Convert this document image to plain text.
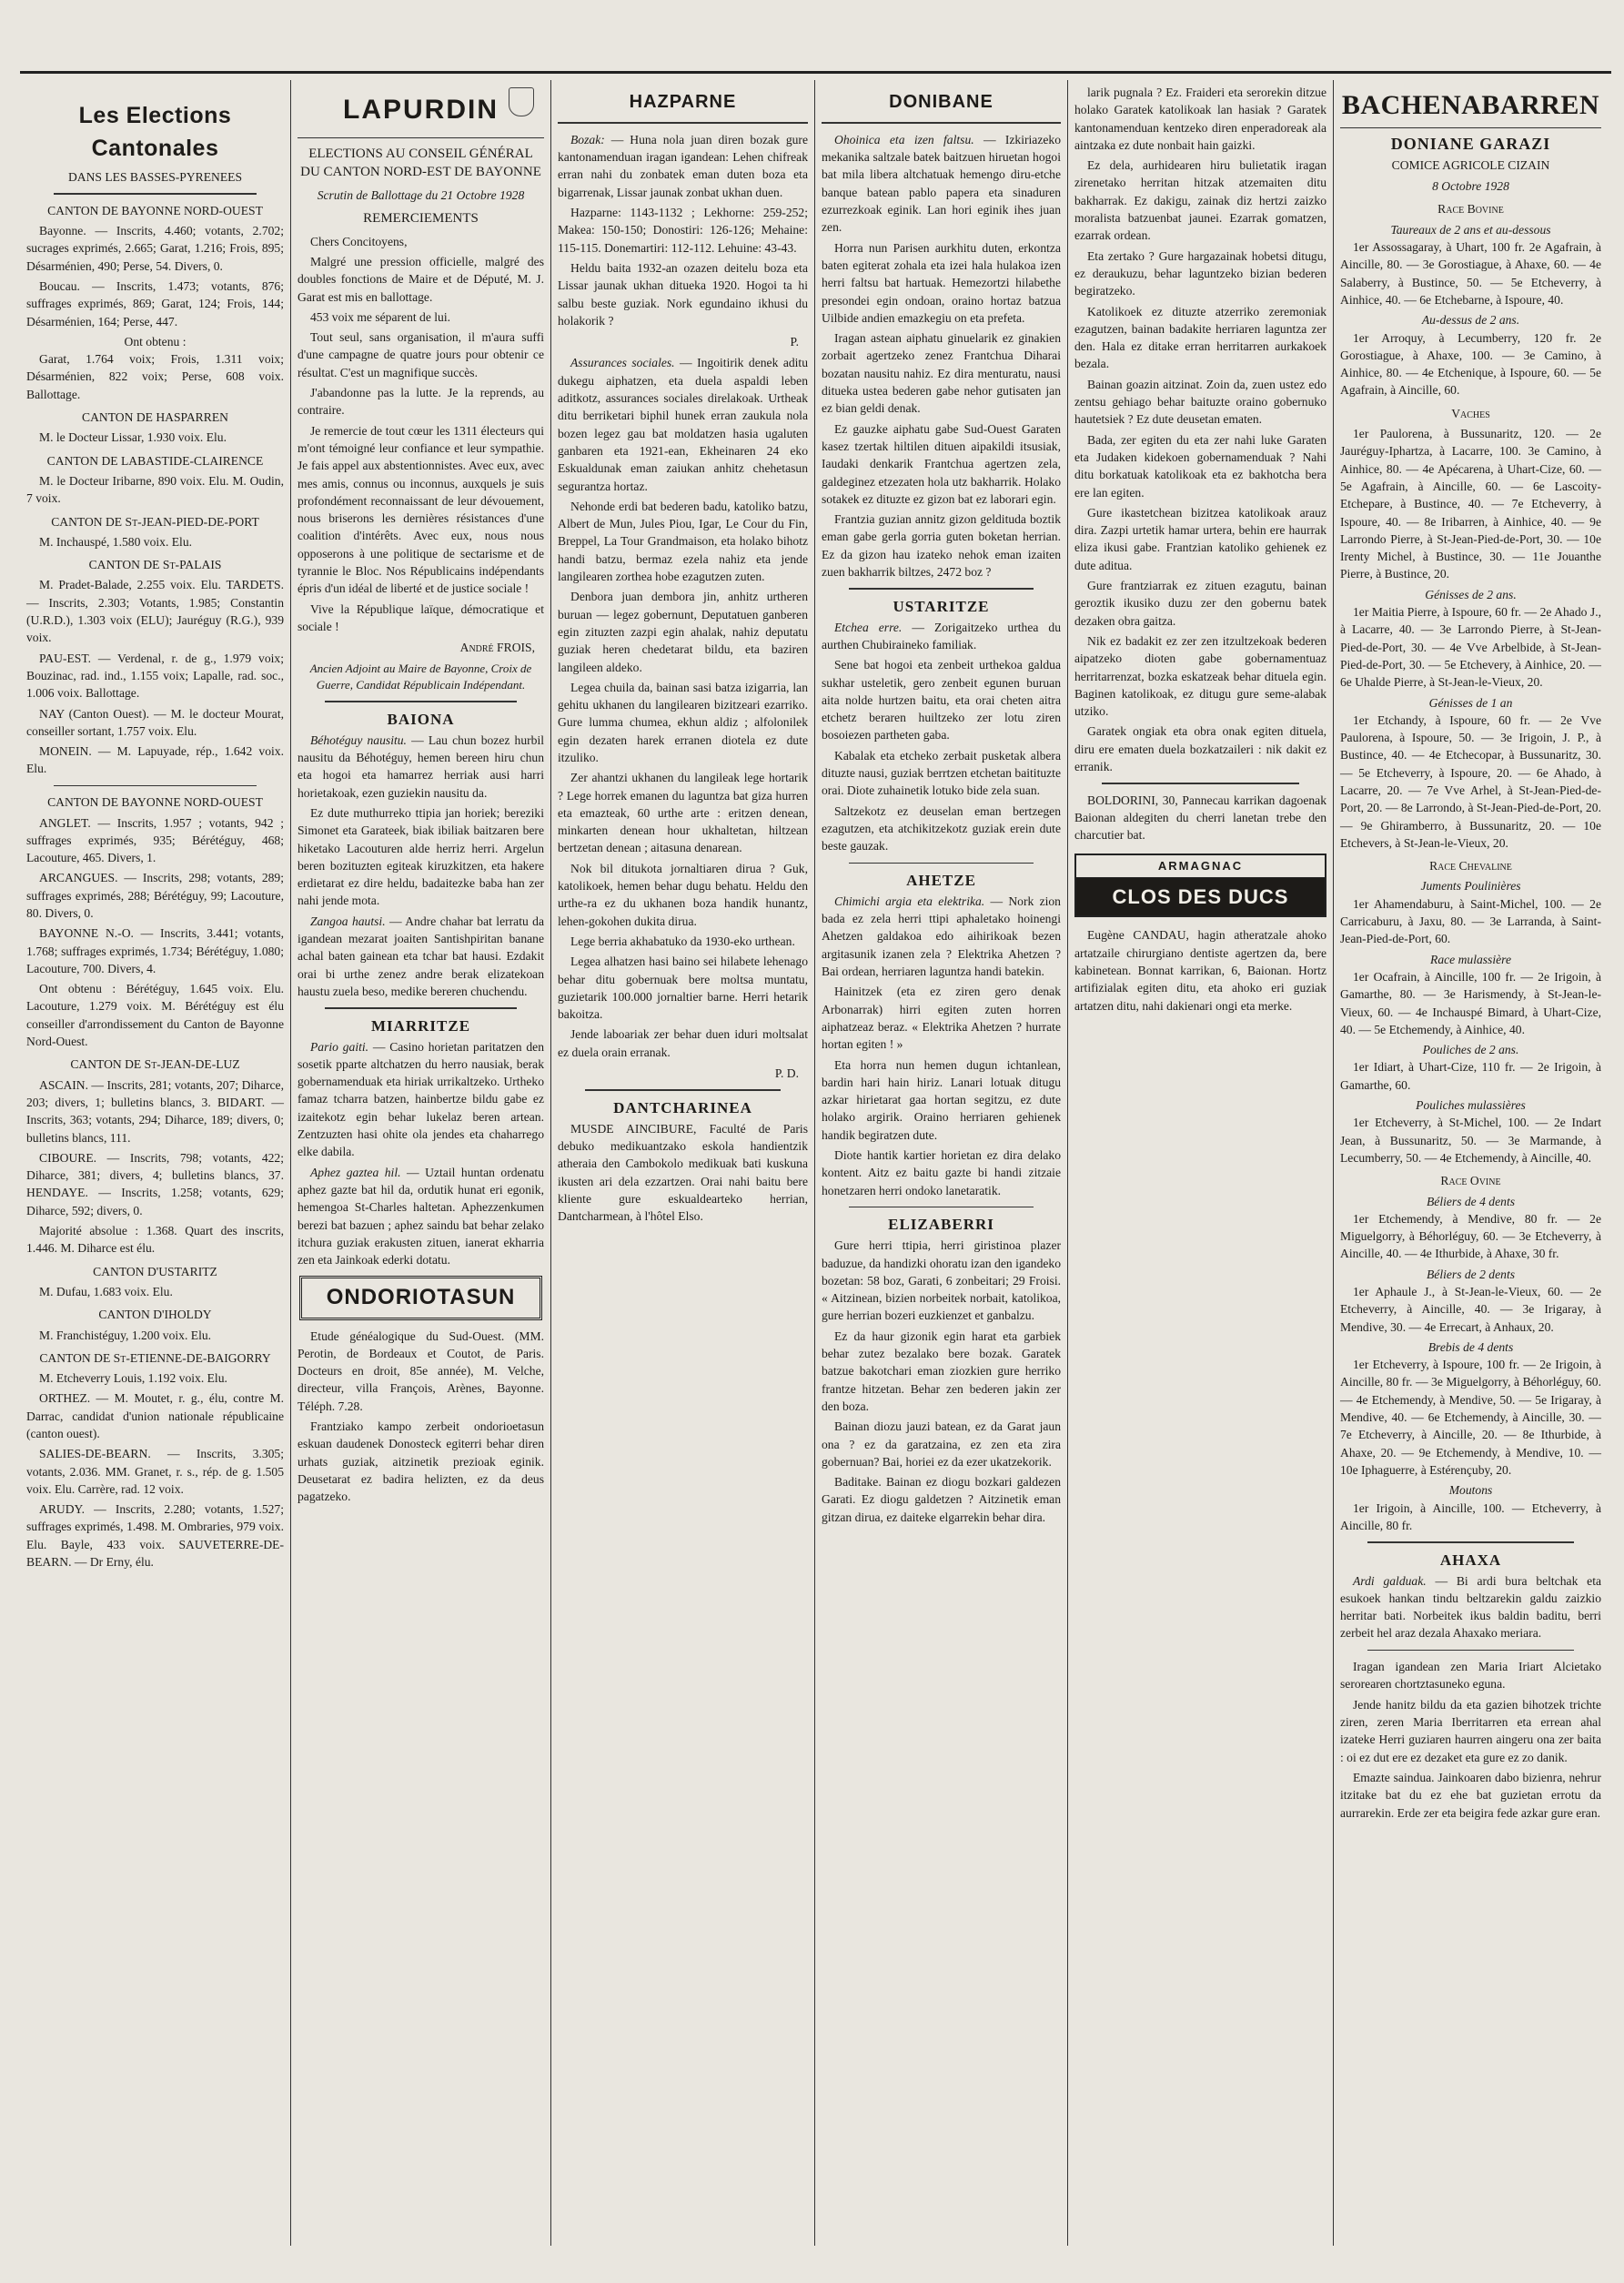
Les Elections Cantonales
DANS LES BASSES-PYRENEES
CANTON DE BAYONNE NORD-OUEST

Bayonne. — Inscrits, 4.460; votants, 2.702; sucrages exprimés, 2.665; Garat, 1.216; Frois, 895; Désarménien, 490; Perse, 54. Divers, 0.

Boucau. — Inscrits, 1.473; votants, 876; suffrages exprimés, 869; Garat, 124; Frois, 144; Désarménien, 164; Perse, 447.

Ont obtenu :

Garat, 1.764 voix; Frois, 1.311 voix; Désarménien, 822 voix; Perse, 608 voix. Ballottage.

CANTON DE HASPARREN

M. le Docteur Lissar, 1.930 voix. Elu.

CANTON DE LABASTIDE-CLAIRENCE

M. le Docteur Iribarne, 890 voix. Elu. M. Oudin, 7 voix.

CANTON DE St-JEAN-PIED-DE-PORT

M. Inchauspé, 1.580 voix. Elu.

CANTON DE St-PALAIS

M. Pradet-Balade, 2.255 voix. Elu. TARDETS. — Inscrits, 2.303; Votants, 1.985; Constantin (U.R.D.), 1.303 voix (ELU); Jauréguy (R.G.), 939 voix.

PAU-EST. — Verdenal, r. de g., 1.979 voix; Bouzinac, rad. ind., 1.155 voix; Lapalle, rad. soc., 1.006 voix. Ballottage.

NAY (Canton Ouest). — M. le docteur Mourat, conseiller sortant, 1.757 voix. Elu.

MONEIN. — M. Lapuyade, rép., 1.642 voix. Elu.

CANTON DE BAYONNE NORD-OUEST

ANGLET. — Inscrits, 1.957 ; votants, 942 ; suffrages exprimés, 935; Bérétéguy, 468; Lacouture, 465. Divers, 1.

ARCANGUES. — Inscrits, 298; votants, 289; suffrages exprimés, 288; Bérétéguy, 99; Lacouture, 80. Divers, 0.

BAYONNE N.-O. — Inscrits, 3.441; votants, 1.768; suffrages exprimés, 1.734; Bérétéguy, 1.080; Lacouture, 700. Divers, 4.

Ont obtenu : Bérétéguy, 1.645 voix. Elu. Lacouture, 1.279 voix. M. Bérétéguy est élu conseiller d'arrondissement du Canton de Bayonne Nord-Ouest.

CANTON DE St-JEAN-DE-LUZ

ASCAIN. — Inscrits, 281; votants, 207; Diharce, 203; divers, 1; bulletins blancs, 3. BIDART. — Inscrits, 363; votants, 294; Diharce, 189; divers, 0; bulletins blancs, 111.

CIBOURE. — Inscrits, 798; votants, 422; Diharce, 381; divers, 4; bulletins blancs, 37. HENDAYE. — Inscrits, 1.258; votants, 629; Diharce, 592; divers, 0.

Majorité absolue : 1.368. Quart des inscrits, 1.446. M. Diharce est élu.

CANTON D'USTARITZ

M. Dufau, 1.683 voix. Elu.

CANTON D'IHOLDY

M. Franchistéguy, 1.200 voix. Elu.

CANTON DE St-ETIENNE-DE-BAIGORRY

M. Etcheverry Louis, 1.192 voix. Elu.

ORTHEZ. — M. Moutet, r. g., élu, contre M. Darrac, candidat d'union nationale républicaine (canton ouest).

SALIES-DE-BEARN. — Inscrits, 3.305; votants, 2.036. MM. Granet, r. s., rép. de g. 1.505 voix. Elu. Carrère, rad. 12 voix.

ARUDY. — Inscrits, 2.280; votants, 1.527; suffrages exprimés, 1.498. M. Ombraries, 979 voix. Elu. Bayle, 433 voix. SAUVETERRE-DE-BEARN. — Dr Erny, élu.

LAPURDIN
ELECTIONS AU CONSEIL GÉNÉRAL DU CANTON NORD-EST DE BAYONNE
Scrutin de Ballottage du 21 Octobre 1928
REMERCIEMENTS

Chers Concitoyens,

Malgré une pression officielle, malgré des doubles fonctions de Maire et de Député, M. J. Garat est mis en ballottage.

453 voix me séparent de lui.

Tout seul, sans organisation, il m'aura suffi d'une campagne de quatre jours pour obtenir ce résultat. C'est un magnifique succès.

J'abandonne pas la lutte. Je la reprends, au contraire.

Je remercie de tout cœur les 1311 électeurs qui m'ont témoigné leur confiance et leur sympathie. Je fais appel aux abstentionnistes. Avec eux, avec mes amis, connus ou inconnus, auxquels je suis profondément reconnaissant de leur dévouement, nous briserons les dernières résistances d'une coalition d'intérêts. Avec eux, nous nous opposerons à une politique de sectarisme et de tyrannie le Bloc. Nos Républicains indépendants épris d'un idéal de liberté et de justice sociale !

Vive la République laïque, démocratique et sociale !

André FROIS,
Ancien Adjoint au Maire de Bayonne, Croix de Guerre, Candidat Républicain Indépendant.
BAIONA

Béhotéguy nausitu. — Lau chun bozez hurbil nausitu da Béhotéguy, hemen bereen hiru chun eta hogoi eta hamarrez herriak ausi harri horietakoak, ezen guziekin nausitu da.

Ez dute muthurreko ttipia jan horiek; bereziki Simonet eta Garateek, biak ibiliak baitzaren bere hiketako Lacouturen alde herriz herri. Argelun beren bozituzten egiteak kiruzkitzen, eta hakere erdietarat ez dire heldu, badaitezke baba han zer nahi jende mota.

Zangoa hautsi. — Andre chahar bat lerratu da igandean mezarat joaiten Santishpiritan banane achal baten gainean eta tchar bat hausi. Ezdakit orai bi urthe zenez andre berak elizatekoan haustu zuela beso, medike bereren chuchendu.

MIARRITZE

Pario gaiti. — Casino horietan paritatzen den sosetik pparte altchatzen du herro nausiak, berak gobernamenduak eta hiriak urrikaltzeko. Urtheko famaz tcharra batzen, hainbertze bildu gabe ez izaitekotz egin behar lukelaz beren artean. Zentzuzten hasi ohite ola jendes eta chaharrego elke dabila.

Aphez gaztea hil. — Uztail huntan ordenatu aphez gazte bat hil da, ordutik hunat eri egonik, hemengoa St-Charles haltetan. Aphezzenkumen berezi bat bazuen ; aphez saindu bat behar zelako itchura guziak erakusten zituen, ianerat ekharria zen eta Jainkoak ederki dotatu.

ONDORIOTASUN

Etude généalogique du Sud-Ouest. (MM. Perotin, de Bordeaux et Coutot, de Paris. Docteurs en droit, 85e année), M. Velche, directeur, villa François, Arènes, Bayonne. Téléph. 7.28.

Frantziako kampo zerbeit ondorioetasun eskuan daudenek Donosteck egiterri behar diren urhats guziak, aitzinetik prezioak eginik. Deusetarat ez badira helizten, ez da deus pagatzeko.

HAZPARNE

Bozak: — Huna nola juan diren bozak gure kantonamenduan iragan igandean: Lehen chifreak erran nahi du zonbatek eman duten boza eta bigarrenak, Lissar jaunak zonbat ukhan duen.

Hazparne: 1143-1132 ; Lekhorne: 259-252; Makea: 150-150; Donostiri: 126-126; Mehaine: 115-115. Donemartiri: 112-112. Lehuine: 43-43.

Heldu baita 1932-an ozazen deitelu boza eta Lissar jaunak ukhan ditueka 1920. Hogoi ta hi salbu beste guziak. Nork egundaino ikhusi du holakorik ?

P.

Assurances sociales. — Ingoitirik denek aditu dukegu aiphatzen, eta duela aspaldi leben aditkotz, assurances sociales direlakoak. Urtheak ditu berriketari biphil hunek erran zaukula nola bozen legez gau bat moldatzen hasia ugaluten ganbaren eta 1921-ean, Ekheinaren 24 eko Eskualdunak eman zaiukan anhitz chehetasun segurantza hortaz.

Nehonde erdi bat bederen badu, katoliko batzu, Albert de Mun, Jules Piou, Igar, Le Cour du Fin, Breppel, La Tour Grandmaison, eta holako bihotz handi batzu, bermaz ezela nahiz eta jende langilearen zorthea hobe ezagutzen zuten.

Denbora juan dembora jin, anhitz urtheren buruan — legez gobernunt, Deputatuen ganberen egin zituzten zazpi egin ahalak, nahiz deputatu guziak heren chedetarat bildu, eta baziren langileen aldeko.

Legea chuila da, bainan sasi batza izigarria, lan gehitu ukhanen du langilearen bizitzeari ezarriko. Gure lumma chumea, ekhun aldiz ; alfolonilek egin dezaten harek erranen diotela ez dute itzuliko.

Zer ahantzi ukhanen du langileak lege hortarik ? Lege horrek emanen du laguntza bat giza hurren eta emazteak, 60 urthe arte : eritzen denean, minkarten denean hour ukhaltetan, hiltzean bertzetan denean ; aitasuna denarean.

Nok bil ditukota jornaltiaren dirua ? Guk, katolikoek, hemen behar dugu behatu. Heldu den urthe-ra ez du ukhanen boza handik hunantz, lehen-gokohen dukita dirua.

Lege berria akhabatuko da 1930-eko urthean.

Legea alhatzen hasi baino sei hilabete lehenago behar ditu gobernuak bere moltsa muntatu, guzietarik 100.000 jornaltier barne. Herri hetarik bakoitza.

Jende laboariak zer behar duen iduri moltsalat ez duela orain erranak.

P. D.
DANTCHARINEA

MUSDE AINCIBURE, Faculté de Paris debuko medikuantzako eskola handientzik atheraia den Cambokolo medikuak bati kuskuna ikusten ari dela ezzartzen. Orai nahi baitu bere kliente gure eskualdearteko herrian, Dantcharmean, à l'hôtel Elso.

DONIBANE

Ohoinica eta izen faltsu. — Izkiriazeko mekanika saltzale batek baitzuen hiruetan hogoi bat mila libera altchatuak hemengo diru-etche banque batean pablo papera eta sinaduren ezurrezkoak eginik. Lan hori eginik ihes juan zen.

Horra nun Parisen aurkhitu duten, erkontza baten egiterat zohala eta izei hala hulakoa izen herri faltsu bat hartuak. Hemezortzi hilabethe presondei egin ondoan, oraino hortaz batzua Uilbide andien emazkegiu on eta prefeta.

Iragan astean aiphatu ginuelarik ez ginakien zorbait agertzeko zenez Frantchua Diharai bozatan nausitu nahiz. Ez dira menturatu, nausi ditueka ustea bederen gabe nehor gutisaten jan ez bian geldi denak.

Ez gauzke aiphatu gabe Sud-Ouest Garaten kasez tzertak hiltilen dituen aipakildi itsusiak, Iaudaki denkarik Frantchua agertzen zela, galdeginez etzezaten hola utz bakharrik. Holako sotakek ez dituzte ez gizon bat ez laborari egin.

Frantzia guzian annitz gizon geldituda boztik eman gabe gerla gorria guten boketan herrian. Ez da gizon hau izateko nehok eman izaiten zuen bakharrik biltzes, 2472 boz ?

USTARITZE

Etchea erre. — Zorigaitzeko urthea du aurthen Chubiraineko familiak.

Sene bat hogoi eta zenbeit urthekoa galdua sukhar usteletik, gero zenbeit egunen buruan aita nolde hurtzen baitu, eta orai cheten aitra etchetz beraren huiltzeko zer lotu ziren bosoiezen partheten gaba.

Kabalak eta etcheko zerbait pusketak albera dituzte nausi, guziak berrtzen etchetan baitituzte orai. Diote zuhainetik lotuko bide zela suan.

Saltzekotz ez deuselan eman bertzegen ezagutzen, eta atchikitzekotz guziak erein dute beste gauzak.

AHETZE

Chimichi argia eta elektrika. — Nork zion bada ez zela herri ttipi aphaletako hoinengi Ahetzen galdakoa edo aihirikoak bezen argitasunik izanen zela ? Elektrika Ahetzen ? Bai ordean, herriaren laguntza handi batekin.

Hainitzek (eta ez ziren gero denak Arbonarrak) hirri egiten zuten horren aiphatzeaz beraz. « Elektrika Ahetzen ? hurrate hortan egiten ! »

Eta horra nun hemen dugun ichtanlean, bardin hari hain hiriz. Lanari lotuak ditugu azkar hirietarat gaa hortan segitzu, ez dute holako argirik. Oraino herriaren gehienek handik begiratzen dute.

Diote hantik kartier horietan ez dira delako kontent. Aitz ez baitu gazte bi handi zitzaie honetzaren herri ondoko lanetaratik.

ELIZABERRI

Gure herri ttipia, herri giristinoa plazer baduzue, da handizki ohoratu izan den igandeko bozetan: 58 boz, Garati, 6 zonbeitari; 29 Froisi. « Aitzinean, bizien norbeitek norbait, katolikoa, gure herrian bozeri euzkienzet et ganbalzu.

Ez da haur gizonik egin harat eta garbiek behar zutez bezalako bere bozak. Garatek batzue bakotchari eman ziozkien gure herriko frantze hitzetan. Behar zen bederen jakin zer den boza.

Bainan diozu jauzi batean, ez da Garat jaun ona ? ez da garatzaina, ez zen eta zira gobernuan? Bai, horiei ez da ezer ukatzekorik.

Baditake. Bainan ez diogu bozkari galdezen Garati. Ez diogu galdetzen ? Aitzinetik eman gitzan dirua, ez daiteke elgarrekin behar dira.

larik pugnala ? Ez. Fraideri eta serorekin ditzue holako Garatek katolikoak lan hasiak ? Garatek kantonamenduan kentzeko diren enperadoreak ala aintzaka ez dute nonbait hain gaizki.

Ez dela, aurhidearen hiru bulietatik iragan zirenetako herritan hitzak atzemaiten ditu bakharrak. Ez dakigu, zainak diz hertzi zaizko moralista batzuenbat jaunei. Ezarrak gomatzen, ezarrak ordean.

Eta zertako ? Gure hargazainak hobetsi ditugu, ez deraukuzu, behar laguntzeko bizian bederen begiratzeko.

Katolikoek ez dituzte atzerriko zeremoniak ezagutzen, bainan badakite herriaren laguntza zer den. Hala ez ditake erran herritarren aurkakoek bezala.

Bainan goazin aitzinat. Zoin da, zuen ustez edo zentsu gehiago behar baituzte oraino gobernuko hautetsiek ? Ez dute deusetan ematen.

Bada, zer egiten du eta zer nahi luke Garaten eta Judaken kidekoen gobernamenduak ? Nahi ditu borkatuak katolikoak eta ez bakhotcha bera ere lan egiten.

Gure ikastetchean bizitzea katolikoak arauz dira. Zazpi urtetik hamar urtera, behin ere haurrak eliza ikusi gabe. Frantzian katoliko gehienek ez dute aditua.

Gure frantziarrak ez zituen ezagutu, bainan geroztik ikusiko duzu zer den gobernu batek dezaken obra gaitza.

Nik ez badakit ez zer zen itzultzekoak bederen aipatzeko dioten gabe gobernamentuaz herritarrenzat, bozka eskatzeak behar dituela egin. Baginen katolikoak, ez ditugu gure seme-alabak utziko.

Garatek ongiak eta obra onak egiten dituela, diru ere ematen duela bozkatzaileri : nik dakit ez erranik.

BOLDORINI, 30, Pannecau karrikan dagoenak Baionan aldegiten du cherri lanetan trebe den charcutier bat.

ARMAGNAC
CLOS DES DUCS

Eugène CANDAU, hagin atheratzale ahoko artatzaile chirurgiano dentiste agertzen da, bere kabinetean. Bonnat karrikan, 6, Baionan. Hortz artifizialak egiten ditu, eta ahoko eri guziak artatzen ditu, nahi dakienari ongi eta merke.

BACHENABARREN
DONIANE GARAZI
COMICE AGRICOLE CIZAIN
8 Octobre 1928
Race Bovine
Taureaux de 2 ans et au-dessous

1er Assossagaray, à Uhart, 100 fr. 2e Agafrain, à Aincille, 80. — 3e Gorostiague, à Ahaxe, 60. — 4e Salaberry, à Bustince, 50. — 5e Etcheverry, à Ainhice, 40. — 6e Etchebarne, à Ispoure, 40.

Au-dessus de 2 ans.

1er Arroquy, à Lecumberry, 120 fr. 2e Gorostiague, à Ahaxe, 100. — 3e Camino, à Ainhice, 80. — 4e Etchenique, à Ispoure, 60. — 5e Agafrain, à Aincille, 60.

Vaches

1er Paulorena, à Bussunaritz, 120. — 2e Jauréguy-Iphartza, à Lacarre, 100. 3e Camino, à Ainhice, 80. — 4e Apécarena, à Uhart-Cize, 60. — 5e Agafrain, à Aincille, 60. — 6e Lascoity-Etchepare, à Bustince, 40. — 7e Etcheverry, à Ispoure, 40. — 8e Iribarren, à Ainhice, 40. — 9e Larrondo Pierre, à St-Jean-Pied-de-Port, 30. — 10e Irenty Michel, à Bustince, 30. — 11e Jouanthe Pierre, à Bustince, 20.

Génisses de 2 ans.

1er Maitia Pierre, à Ispoure, 60 fr. — 2e Ahado J., à Lacarre, 40. — 3e Larrondo Pierre, à St-Jean-Pied-de-Port, 30. — 4e Vve Arbelbide, à St-Jean-Pied-de-Port, 30. — 5e Etchevery, à Ainhice, 20. — 6e Uhalde Pierre, à St-Jean-le-Vieux, 20.

Génisses de 1 an

1er Etchandy, à Ispoure, 60 fr. — 2e Vve Paulorena, à Ispoure, 50. — 3e Irigoin, J. P., à Bustince, 40. — 4e Etchecopar, à Bussunaritz, 30. — 5e Etcheverry, à Ispoure, 20. — 6e Ahado, à Lacarre, 20. — 7e Vve Arhel, à St-Jean-Pied-de-Port, 20. — 8e Larrondo, à St-Jean-Pied-de-Port, 20. — 9e Ghiramberro, à Bussunaritz, 20. — 10e Etchevers, à St-Jean-le-Vieux, 20.

Race Chevaline
Juments Poulinières

1er Ahamendaburu, à Saint-Michel, 100. — 2e Carricaburu, à Jaxu, 80. — 3e Larranda, à Saint-Jean-Pied-de-Port, 60.

Race mulassière

1er Ocafrain, à Aincille, 100 fr. — 2e Irigoin, à Gamarthe, 80. — 3e Harismendy, à St-Jean-le-Vieux, 60. — 4e Inchauspé Bimard, à Uhart-Cize, 40. — 5e Etchemendy, à Ainhice, 40.

Pouliches de 2 ans.

1er Idiart, à Uhart-Cize, 110 fr. — 2e Irigoin, à Gamarthe, 60.

Pouliches mulassières

1er Etcheverry, à St-Michel, 100. — 2e Indart Jean, à Bussunaritz, 50. — 3e Marmande, à Lecumberry, 50. — 4e Etchemendy, à Aincille, 40.

Race Ovine
Béliers de 4 dents

1er Etchemendy, à Mendive, 80 fr. — 2e Miguelgorry, à Béhorléguy, 60. — 3e Etcheverry, à Aincille, 40. — 4e Ithurbide, à Ahaxe, 30 fr.

Béliers de 2 dents

1er Aphaule J., à St-Jean-le-Vieux, 60. — 2e Etcheverry, à Aincille, 40. — 3e Irigaray, à Mendive, 30. — 4e Errecart, à Anhaux, 20.

Brebis de 4 dents

1er Etcheverry, à Ispoure, 100 fr. — 2e Irigoin, à Aincille, 80 fr. — 3e Miguelgorry, à Béhorléguy, 60. — 4e Etchemendy, à Mendive, 50. — 5e Irigaray, à Mendive, 40. — 6e Etchemendy, à Aincille, 30. — 7e Etcheverry, à Aincille, 20. — 8e Ithurbide, à Ahaxe, 20. — 9e Etchemendy, à Mendive, 10. — 10e Iphaguerre, à Estérençuby, 20.

Moutons

1er Irigoin, à Aincille, 100. — Etcheverry, à Aincille, 80 fr.

AHAXA

Ardi galduak. — Bi ardi bura beltchak eta esukoek hankan tindu beltzarekin galdu zaizkio herritar bati. Norbeitek ikus baldin baditu, berri zerbeit hel araz dezala Ahaxako meriara.

Iragan igandean zen Maria Iriart Alcietako serorearen chortztasuneko eguna.

Jende hanitz bildu da eta gazien bihotzek trichte ziren, zeren Maria Iberritarren eta errean ahal izateke Herri guziaren haurren aingeru ona zer baita : oi ez dut ere ez dezaket eta gure ez zo danik.

Emazte saindua. Jainkoaren dabo bizienra, nehrur itzitake bat du ez ehe bat guzietan errotu da aurrarekin. Erde zer eta beigira fede azkar gure eran.
